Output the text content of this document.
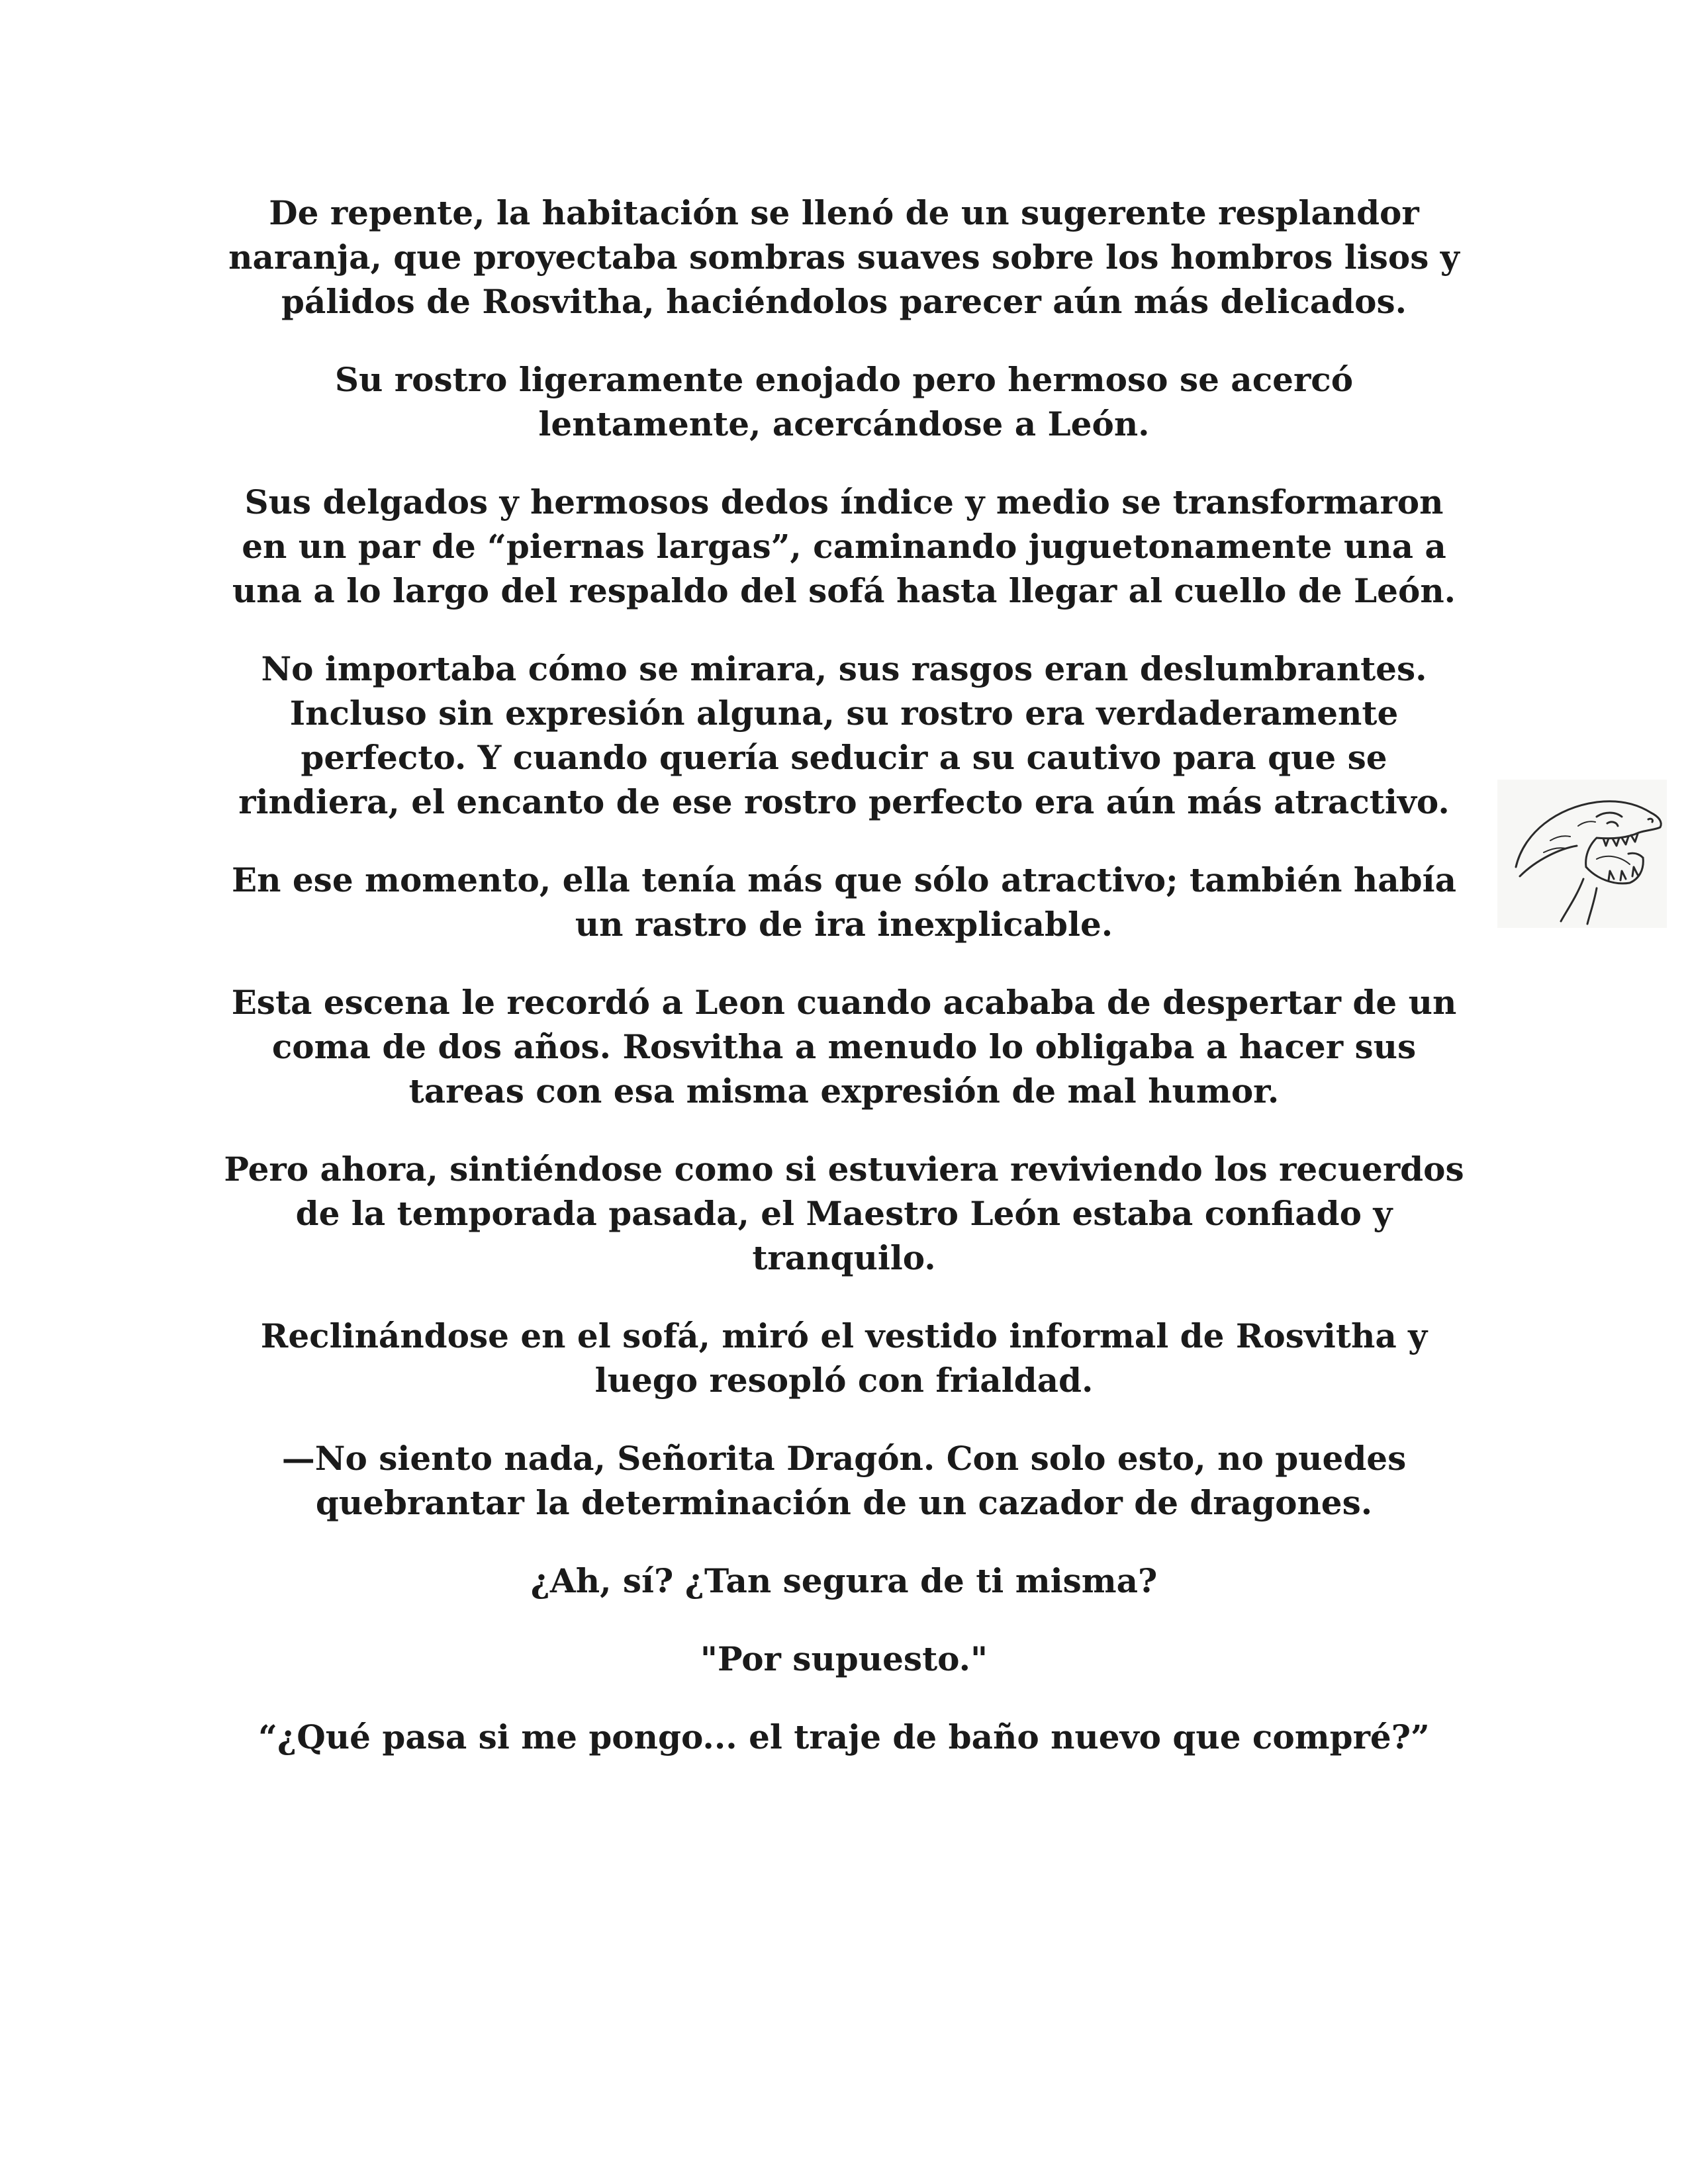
De repente, la habitación se llenó de un sugerente resplandor naranja, que proyectaba sombras suaves sobre los hombros lisos y pálidos de Rosvitha, haciéndolos parecer aún más delicados.

Su rostro ligeramente enojado pero hermoso se acercó lentamente, acercándose a León.

Sus delgados y hermosos dedos índice y medio se transformaron en un par de “piernas largas”, caminando juguetonamente una a una a lo largo del respaldo del sofá hasta llegar al cuello de León.

No importaba cómo se mirara, sus rasgos eran deslumbrantes. Incluso sin expresión alguna, su rostro era verdaderamente perfecto. Y cuando quería seducir a su cautivo para que se rindiera, el encanto de ese rostro perfecto era aún más atractivo.

En ese momento, ella tenía más que sólo atractivo; también había un rastro de ira inexplicable.

Esta escena le recordó a Leon cuando acababa de despertar de un coma de dos años. Rosvitha a menudo lo obligaba a hacer sus tareas con esa misma expresión de mal humor.

Pero ahora, sintiéndose como si estuviera reviviendo los recuerdos de la temporada pasada, el Maestro León estaba confiado y tranquilo.

Reclinándose en el sofá, miró el vestido informal de Rosvitha y luego resopló con frialdad.

—No siento nada, Señorita Dragón. Con solo esto, no puedes quebrantar la determinación de un cazador de dragones.

¿Ah, sí? ¿Tan segura de ti misma?

"Por supuesto."

“¿Qué pasa si me pongo... el traje de baño nuevo que compré?”
